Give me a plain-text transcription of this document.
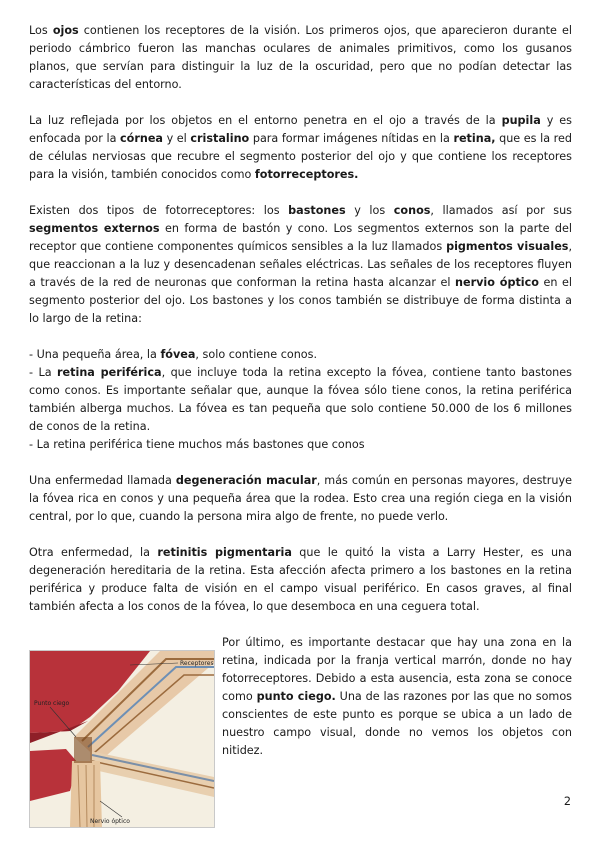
Los ojos contienen los receptores de la visión. Los primeros ojos, que aparecieron durante el periodo cámbrico fueron las manchas oculares de animales primitivos, como los gusanos planos, que servían para distinguir la luz de la oscuridad, pero que no podían detectar las características del entorno.

La luz reflejada por los objetos en el entorno penetra en el ojo a través de la pupila y es enfocada por la córnea y el cristalino para formar imágenes nítidas en la retina, que es la red de células nerviosas que recubre el segmento posterior del ojo y que contiene los receptores para la visión, también conocidos como fotorreceptores.

Existen dos tipos de fotorreceptores: los bastones y los conos, llamados así por sus segmentos externos en forma de bastón y cono. Los segmentos externos son la parte del receptor que contiene componentes químicos sensibles a la luz llamados pigmentos visuales, que reaccionan a la luz y desencadenan señales eléctricas. Las señales de los receptores fluyen a través de la red de neuronas que conforman la retina hasta alcanzar el nervio óptico en el segmento posterior del ojo. Los bastones y los conos también se distribuye de forma distinta a lo largo de la retina:

- Una pequeña área, la fóvea, solo contiene conos.

- La retina periférica, que incluye toda la retina excepto la fóvea, contiene tanto bastones como conos. Es importante señalar que, aunque la fóvea sólo tiene conos, la retina periférica también alberga muchos. La fóvea es tan pequeña que solo contiene 50.000 de los 6 millones de conos de la retina.

- La retina periférica tiene muchos más bastones que conos

Una enfermedad llamada degeneración macular, más común en personas mayores, destruye la fóvea rica en conos y una pequeña área que la rodea. Esto crea una región ciega en la visión central, por lo que, cuando la persona mira algo de frente, no puede verlo.

Otra enfermedad, la retinitis pigmentaria que le quitó la vista a Larry Hester, es una degeneración hereditaria de la retina. Esta afección afecta primero a los bastones en la retina periférica y produce falta de visión en el campo visual periférico. En casos graves, al final también afecta a los conos de la fóvea, lo que desemboca en una ceguera total.

Receptores
Punto ciego
Nervio óptico

Por último, es importante destacar que hay una zona en la retina, indicada por la franja vertical marrón, donde no hay fotorreceptores. Debido a esta ausencia, esta zona se conoce como punto ciego. Una de las razones por las que no somos conscientes de este punto es porque se ubica a un lado de nuestro campo visual, donde no vemos los objetos con nitidez.

2
